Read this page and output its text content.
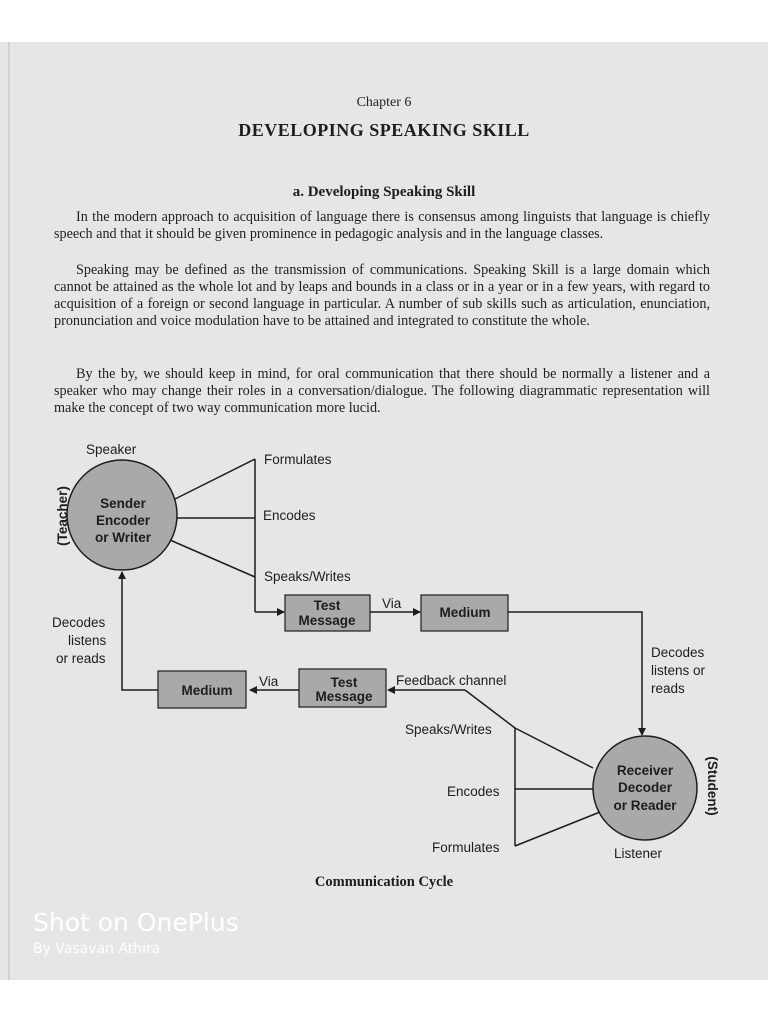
Chapter 6
DEVELOPING SPEAKING SKILL
a. Developing Speaking Skill

In the modern approach to acquisition of language there is consensus among linguists that language is chiefly speech and that it should be given prominence in pedagogic analysis and in the language classes.

Speaking may be defined as the transmission of communications. Speaking Skill is a large domain which cannot be attained as the whole lot and by leaps and bounds in a class or in a year or in a few years, with regard to acquisition of a foreign or second language in particular. A number of sub skills such as articulation, enunciation, pronunciation and voice modulation have to be attained and integrated to constitute the whole.

By the by, we should keep in mind, for oral communication that there should be normally a listener and a speaker who may change their roles in a conversation/dialogue. The following diagrammatic representation will make the concept of two way communication more lucid.

Sender
Encoder
or Writer
Speaker
(Teacher)
Formulates
Encodes
Speaks/Writes
Test
Message
Via
Medium
Decodes
listens or
reads
Receiver
Decoder
or Reader (Student)
Listener
Speaks/Writes
Encodes
Formulates
Feedback channel
Test
Message
Via
Medium
Decodes
listens
or reads
Communication Cycle
Shot on OnePlus
By Vasavan Athira
